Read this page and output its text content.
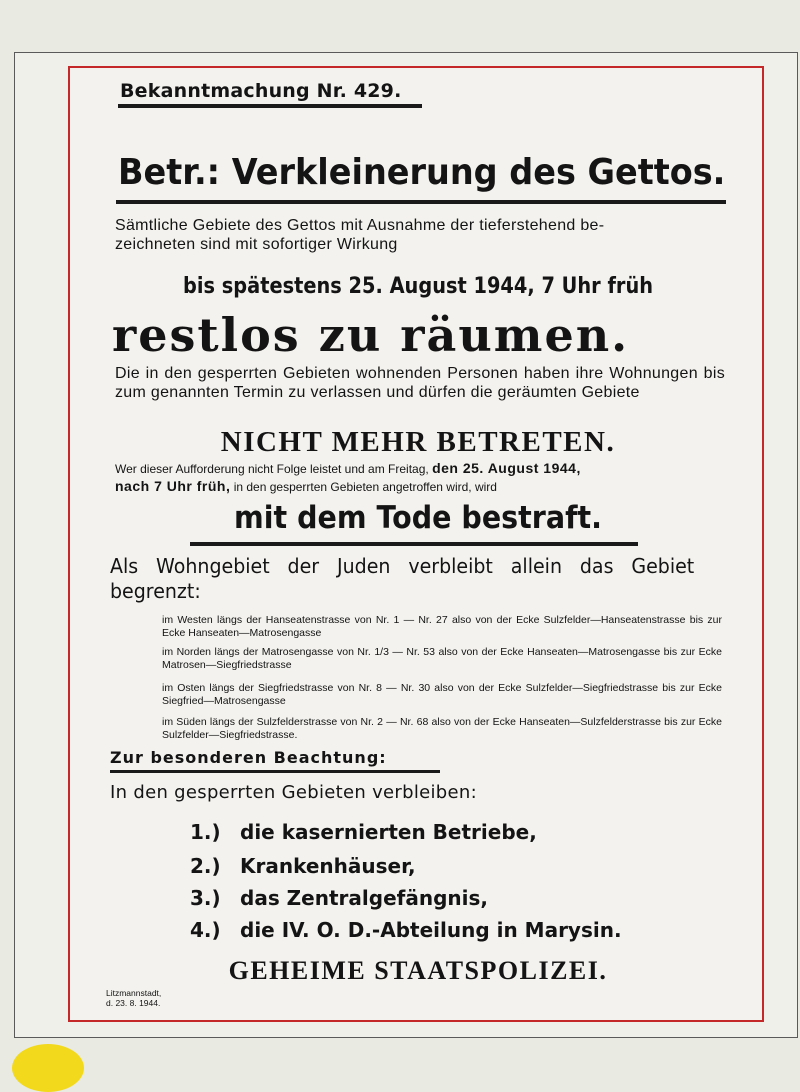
Bekanntmachung Nr. 429.
Betr.: Verkleinerung des Gettos.
Sämtliche Gebiete des Gettos mit Ausnahme der tieferstehend be-
zeichneten sind mit sofortiger Wirkung
bis spätestens 25. August 1944, 7 Uhr früh
restlos zu räumen.
Die in den gesperrten Gebieten wohnenden Personen haben ihre Wohnungen bis zum genannten Termin zu verlassen und dürfen die geräumten Gebiete
NICHT MEHR BETRETEN.
Wer dieser Aufforderung nicht Folge leistet und am Freitag, den 25. August 1944,
nach 7 Uhr früh, in den gesperrten Gebieten angetroffen wird, wird
mit dem Tode bestraft.
Als Wohngebiet der Juden verbleibt allein das Gebiet begrenzt:
im Westen längs der Hanseatenstrasse von Nr. 1 — Nr. 27 also von der Ecke Sulzfelder—Hanseatenstrasse bis zur Ecke Hanseaten—Matrosengasse
im Norden längs der Matrosengasse von Nr. 1/3 — Nr. 53 also von der Ecke Hanseaten—Matrosengasse bis zur Ecke Matrosen—Siegfriedstrasse
im Osten längs der Siegfriedstrasse von Nr. 8 — Nr. 30 also von der Ecke Sulzfelder—Siegfriedstrasse bis zur Ecke Siegfried—Matrosengasse
im Süden längs der Sulzfelderstrasse von Nr. 2 — Nr. 68 also von der Ecke Hanseaten—Sulzfelderstrasse bis zur Ecke Sulzfelder—Siegfriedstrasse.
Zur besonderen Beachtung:
In den gesperrten Gebieten verbleiben:
1.) die kasernierten Betriebe,
2.) Krankenhäuser,
3.) das Zentralgefängnis,
4.) die IV. O. D.-Abteilung in Marysin.
GEHEIME STAATSPOLIZEI.
Litzmannstadt,
d. 23. 8. 1944.
